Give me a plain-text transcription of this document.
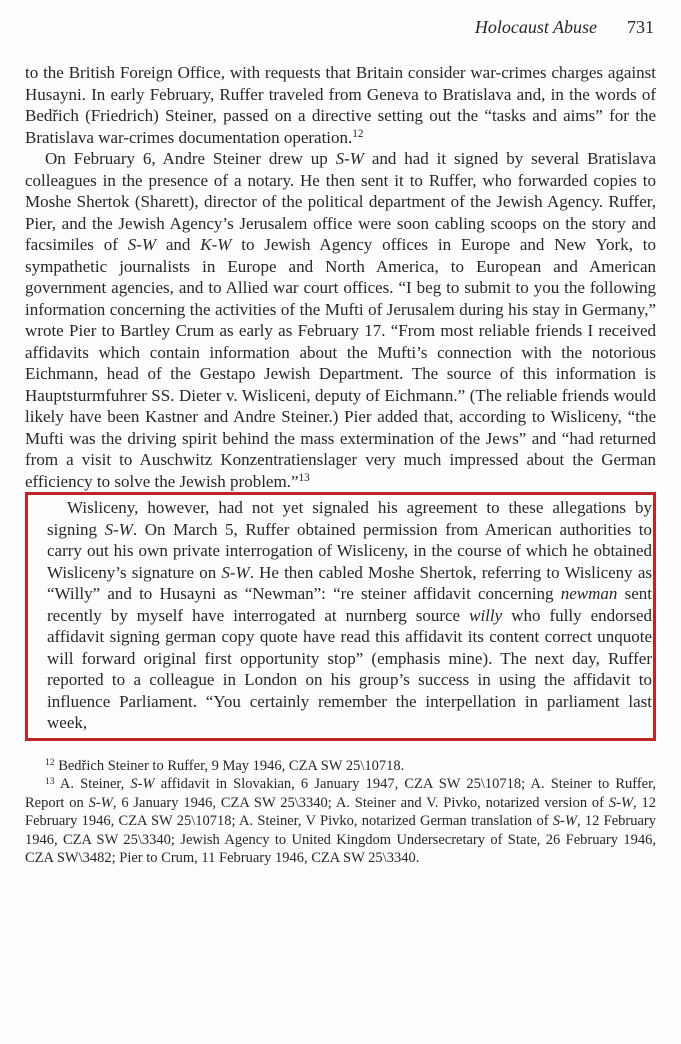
Holocaust Abuse 731

to the British Foreign Office, with requests that Britain consider war-crimes charges against Husayni. In early February, Ruffer traveled from Geneva to Bratislava and, in the words of Bedřich (Friedrich) Steiner, passed on a directive setting out the “tasks and aims” for the Bratislava war-crimes documentation operation.$^{12}$

On February 6, Andre Steiner drew up S-W and had it signed by several Bratislava colleagues in the presence of a notary. He then sent it to Ruffer, who forwarded copies to Moshe Shertok (Sharett), director of the political department of the Jewish Agency. Ruffer, Pier, and the Jewish Agency’s Jerusalem office were soon cabling scoops on the story and facsimiles of S-W and K-W to Jewish Agency offices in Europe and New York, to sympathetic journalists in Europe and North America, to European and American government agencies, and to Allied war court offices. “I beg to submit to you the following information concerning the activities of the Mufti of Jerusalem during his stay in Germany,” wrote Pier to Bartley Crum as early as February 17. “From most reliable friends I received affidavits which contain information about the Mufti’s connection with the notorious Eichmann, head of the Gestapo Jewish Department. The source of this information is Hauptsturmfuhrer SS. Dieter v. Wisliceni, deputy of Eichmann.” (The reliable friends would likely have been Kastner and Andre Steiner.) Pier added that, according to Wisliceny, “the Mufti was the driving spirit behind the mass extermination of the Jews” and “had returned from a visit to Auschwitz Konzentratienslager very much impressed about the German efficiency to solve the Jewish problem.”$^{13}$

Wisliceny, however, had not yet signaled his agreement to these allegations by signing S-W. On March 5, Ruffer obtained permission from American authorities to carry out his own private interrogation of Wisliceny, in the course of which he obtained Wisliceny’s signature on S-W. He then cabled Moshe Shertok, referring to Wisliceny as “Willy” and to Husayni as “Newman”: “re steiner affidavit concerning newman sent recently by myself have interrogated at nurnberg source willy who fully endorsed affidavit signing german copy quote have read this affidavit its content correct unquote will forward original first opportunity stop” (emphasis mine). The next day, Ruffer reported to a colleague in London on his group’s success in using the affidavit to influence Parliament. “You certainly remember the interpellation in parliament last week,

$^{12}$ Bedřich Steiner to Ruffer, 9 May 1946, CZA SW 25\10718.

$^{13}$ A. Steiner, S-W affidavit in Slovakian, 6 January 1947, CZA SW 25\10718; A. Steiner to Ruffer, Report on S-W, 6 January 1946, CZA SW 25\3340; A. Steiner and V. Pivko, notarized version of S-W, 12 February 1946, CZA SW 25\10718; A. Steiner, V Pivko, notarized German translation of S-W, 12 February 1946, CZA SW 25\3340; Jewish Agency to United Kingdom Undersecretary of State, 26 February 1946, CZA SW\3482; Pier to Crum, 11 February 1946, CZA SW 25\3340.
